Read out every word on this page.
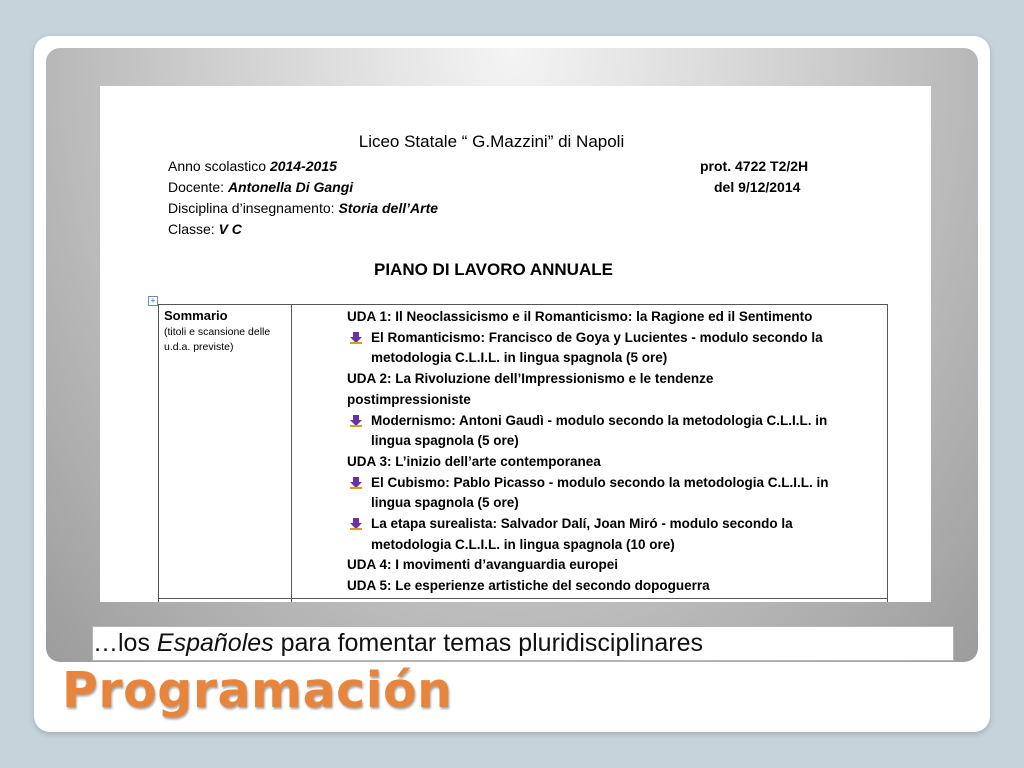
Liceo Statale “ G.Mazzini” di Napoli
Anno scolastico 2014-2015
Docente: Antonella Di Gangi
Disciplina d’insegnamento: Storia dell’Arte
Classe: V C
prot. 4722 T2/2H
del 9/12/2014
PIANO DI LAVORO ANNUALE
+
Sommario
(titoli e scansione delle u.d.a. previste)
UDA 1: Il Neoclassicismo e il Romanticismo: la Ragione ed il Sentimento
El Romanticismo: Francisco de Goya y Lucientes - modulo secondo la
metodologia C.L.I.L. in lingua spagnola (5 ore)
UDA 2: La Rivoluzione dell’Impressionismo e le tendenze
postimpressioniste
Modernismo: Antoni Gaudì - modulo secondo la metodologia C.L.I.L. in
lingua spagnola (5 ore)
UDA 3: L’inizio dell’arte contemporanea
El Cubismo: Pablo Picasso - modulo secondo la metodologia C.L.I.L. in
lingua spagnola (5 ore)
La etapa surealista: Salvador Dalí, Joan Miró - modulo secondo la
metodologia C.L.I.L. in lingua spagnola (10 ore)
UDA 4: I movimenti d’avanguardia europei
UDA 5: Le esperienze artistiche del secondo dopoguerra
…los Españoles para fomentar temas pluridisciplinares
Programación
